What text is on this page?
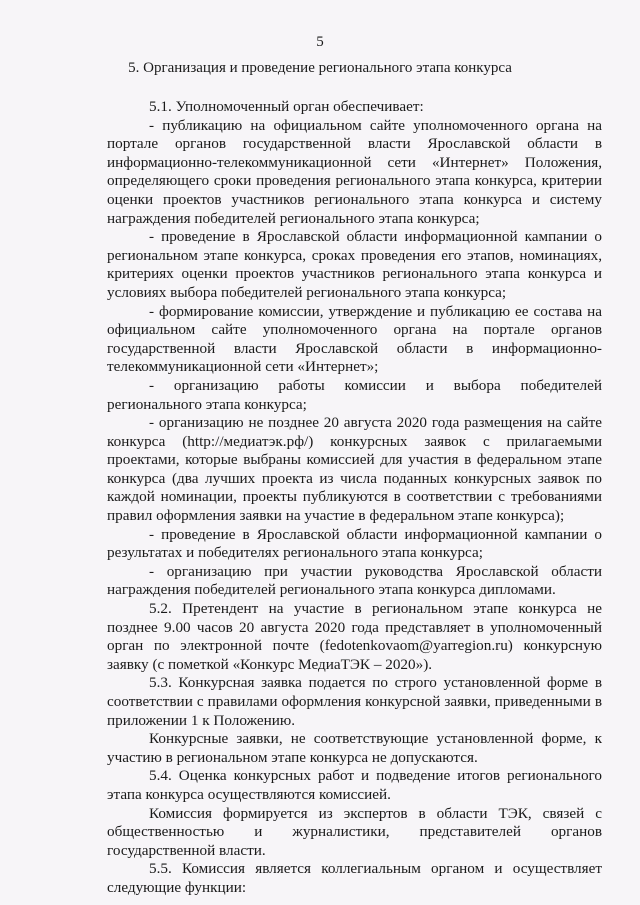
5
5. Организация и проведение регионального этапа конкурса

5.1. Уполномоченный орган обеспечивает:

- публикацию на официальном сайте уполномоченного органа на портале органов государственной власти Ярославской области в информационно-телекоммуникационной сети «Интернет» Положения, определяющего сроки проведения регионального этапа конкурса, критерии оценки проектов участников регионального этапа конкурса и систему награждения победителей регионального этапа конкурса;

- проведение в Ярославской области информационной кампании о региональном этапе конкурса, сроках проведения его этапов, номинациях, критериях оценки проектов участников регионального этапа конкурса и условиях выбора победителей регионального этапа конкурса;

- формирование комиссии, утверждение и публикацию ее состава на официальном сайте уполномоченного органа на портале органов государственной власти Ярославской области в информационно-телекоммуникационной сети «Интернет»;

- организацию работы комиссии и выбора победителей регионального этапа конкурса;

- организацию не позднее 20 августа 2020 года размещения на сайте конкурса (http://медиатэк.рф/) конкурсных заявок с прилагаемыми проектами, которые выбраны комиссией для участия в федеральном этапе конкурса (два лучших проекта из числа поданных конкурсных заявок по каждой номинации, проекты публикуются в соответствии с требованиями правил оформления заявки на участие в федеральном этапе конкурса);

- проведение в Ярославской области информационной кампании о результатах и победителях регионального этапа конкурса;

- организацию при участии руководства Ярославской области награждения победителей регионального этапа конкурса дипломами.

5.2. Претендент на участие в региональном этапе конкурса не позднее 9.00 часов 20 августа 2020 года представляет в уполномоченный орган по электронной почте (fedotenkovaom@yarregion.ru) конкурсную заявку (с пометкой «Конкурс МедиаТЭК – 2020»).

5.3. Конкурсная заявка подается по строго установленной форме в соответствии с правилами оформления конкурсной заявки, приведенными в приложении 1 к Положению.

Конкурсные заявки, не соответствующие установленной форме, к участию в региональном этапе конкурса не допускаются.

5.4. Оценка конкурсных работ и подведение итогов регионального этапа конкурса осуществляются комиссией.

Комиссия формируется из экспертов в области ТЭК, связей с общественностью и журналистики, представителей органов государственной власти.

5.5. Комиссия является коллегиальным органом и осуществляет следующие функции:
